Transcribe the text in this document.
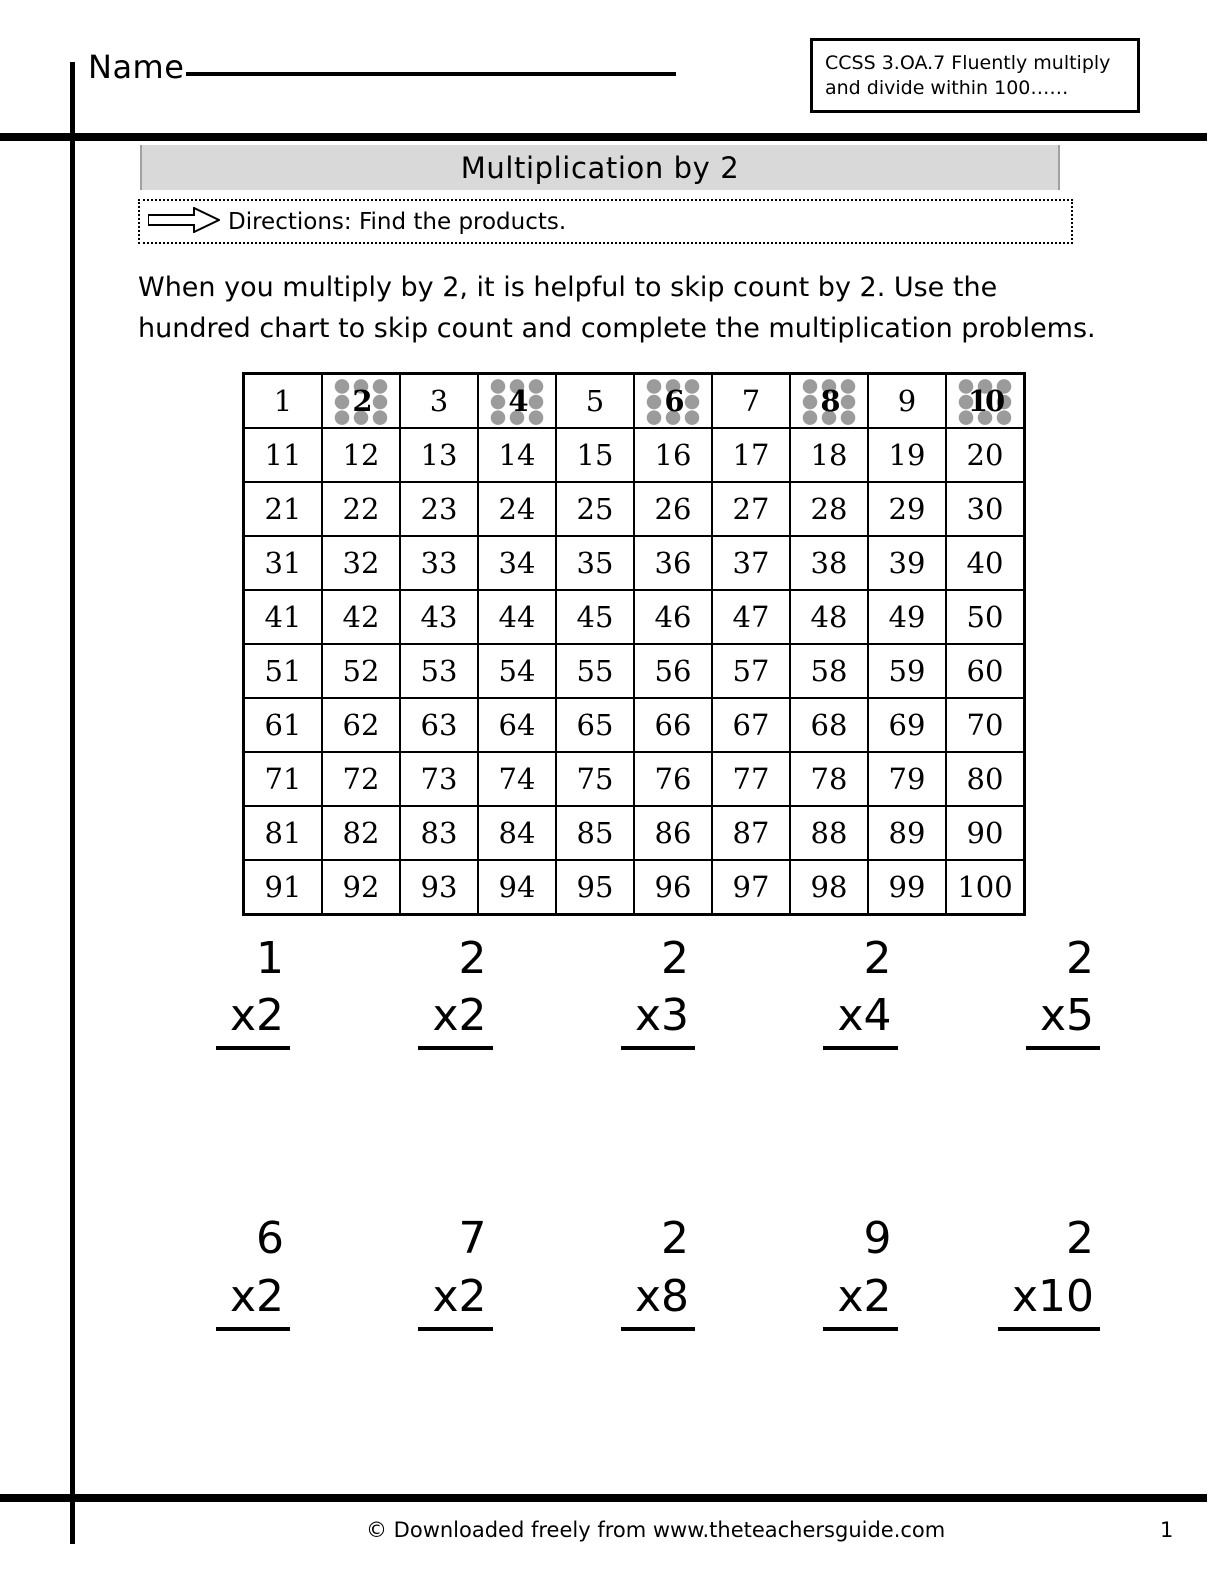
Name	CCSS 3.OA.7 Fluently multiply
and divide within 100……
Multiplication by 2
Directions: Find the products.
When you multiply by 2, it is helpful to skip count by 2. Use the hundred chart to skip count and complete the multiplication problems.
1	2	3	4	5	6	7	8	9	10
11	12	13	14	15	16	17	18	19	20
21	22	23	24	25	26	27	28	29	30
31	32	33	34	35	36	37	38	39	40
41	42	43	44	45	46	47	48	49	50
51	52	53	54	55	56	57	58	59	60
61	62	63	64	65	66	67	68	69	70
71	72	73	74	75	76	77	78	79	80
81	82	83	84	85	86	87	88	89	90
91	92	93	94	95	96	97	98	99	100
1
x2
2
x2
2
x3
2
x4
2
x5
6
x2
7
x2
2
x8
9
x2
2
x10
© Downloaded freely from www.theteachersguide.com	1
